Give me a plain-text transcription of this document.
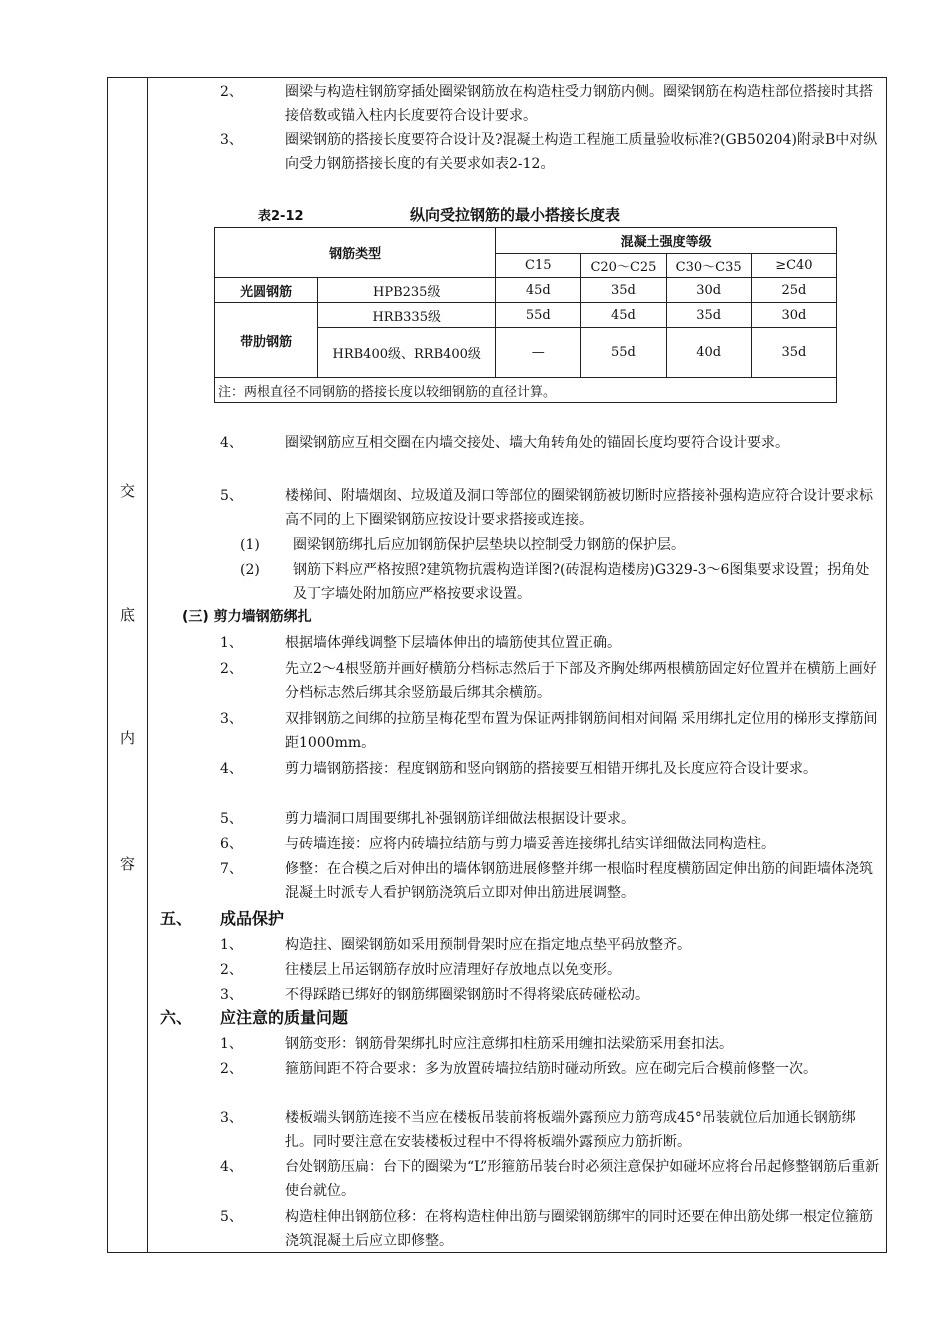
交
底
内
容
2、	圈梁与构造柱钢筋穿插处圈梁钢筋放在构造柱受力钢筋内侧。圈梁钢筋在构造柱部位搭接时其搭接倍数或锚入柱内长度要符合设计要求。
3、	圈梁钢筋的搭接长度要符合设计及?混凝土构造工程施工质量验收标准?(GB50204)附录B中对纵向受力钢筋搭接长度的有关要求如表2-12。
4、	圈梁钢筋应互相交圈在内墙交接处、墙大角转角处的锚固长度均要符合设计要求。
5、	楼梯间、附墙烟囱、垃圾道及洞口等部位的圈梁钢筋被切断时应搭接补强构造应符合设计要求标高不同的上下圈梁钢筋应按设计要求搭接或连接。
(1) 圈梁钢筋绑扎后应加钢筋保护层垫块以控制受力钢筋的保护层。
(2) 钢筋下料应严格按照?建筑物抗震构造详图?(砖混构造楼房)G329-3～6图集要求设置；拐角处及丁字墙处附加筋应严格按要求设置。
(三) 剪力墙钢筋绑扎
1、	根据墙体弹线调整下层墙体伸出的墙筋使其位置正确。
2、	先立2～4根竖筋并画好横筋分档标志然后于下部及齐胸处绑两根横筋固定好位置并在横筋上画好分档标志然后绑其余竖筋最后绑其余横筋。
3、	双排钢筋之间绑的拉筋呈梅花型布置为保证两排钢筋间相对间隔 采用绑扎定位用的梯形支撑筋间距1000mm。
4、	剪力墙钢筋搭接：程度钢筋和竖向钢筋的搭接要互相错开绑扎及长度应符合设计要求。
5、	剪力墙洞口周围要绑扎补强钢筋详细做法根据设计要求。
6、	与砖墙连接：应将内砖墙拉结筋与剪力墙妥善连接绑扎结实详细做法同构造柱。
7、	修整：在合模之后对伸出的墙体钢筋进展修整并绑一根临时程度横筋固定伸出筋的间距墙体浇筑混凝土时派专人看护钢筋浇筑后立即对伸出筋进展调整。
五、 成品保护
1、	构造拄、圈梁钢筋如采用预制骨架时应在指定地点垫平码放整齐。
2、	往楼层上吊运钢筋存放时应清理好存放地点以免变形。
3、	不得踩踏已绑好的钢筋绑圈梁钢筋时不得将梁底砖碰松动。
六、 应注意的质量问题
1、	钢筋变形：钢筋骨架绑扎时应注意绑扣柱筋采用缠扣法梁筋采用套扣法。
2、	箍筋间距不符合要求：多为放置砖墙拉结筋时碰动所致。应在砌完后合模前修整一次。
3、	楼板端头钢筋连接不当应在楼板吊装前将板端外露预应力筋弯成45°吊装就位后加通长钢筋绑扎。同时要注意在安装楼板过程中不得将板端外露预应力筋折断。
4、	台处钢筋压扁：台下的圈梁为“L”形箍筋吊装台时必须注意保护如碰坏应将台吊起修整钢筋后重新使台就位。
5、	构造柱伸出钢筋位移：在将构造柱伸出筋与圈梁钢筋绑牢的同时还要在伸出筋处绑一根定位箍筋浇筑混凝土后应立即修整。
表2-12	纵向受拉钢筋的最小搭接长度表
钢筋类型		混凝土强度等级			
		C15	C20～C25	C30～C35	≥C40
光圆钢筋	HPB235级	45d	35d	30d	25d
带肋钢筋	HRB335级	55d	45d	35d	30d
	HRB400级、RRB400级	—	55d	40d	35d
注：两根直径不同钢筋的搭接长度以较细钢筋的直径计算。					
